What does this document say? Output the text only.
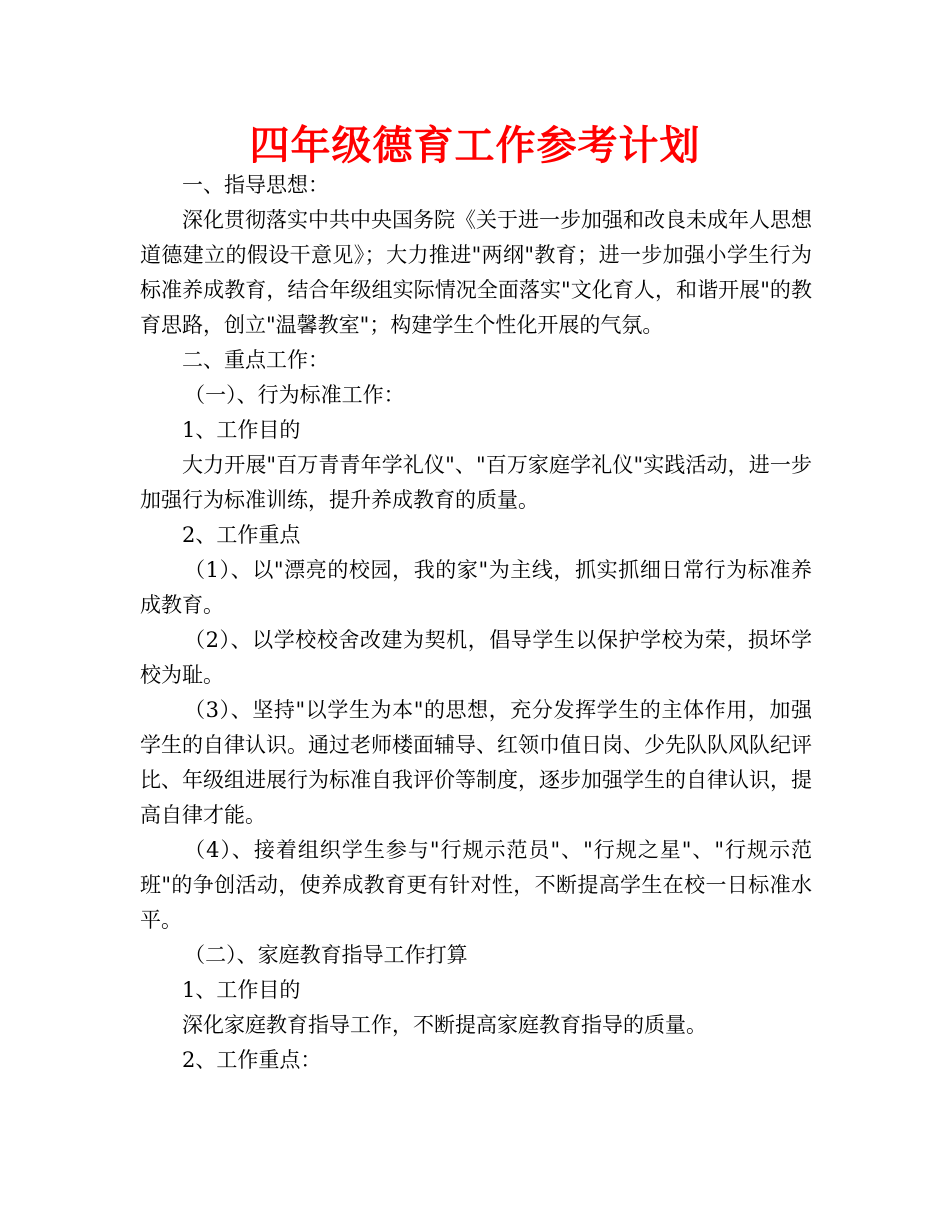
四年级德育工作参考计划

一、指导思想：

深化贯彻落实中共中央国务院《关于进一步加强和改良未成年人思想道德建立的假设干意见》；大力推进"两纲"教育；进一步加强小学生行为标准养成教育，结合年级组实际情况全面落实"文化育人，和谐开展"的教育思路，创立"温馨教室"；构建学生个性化开展的气氛。

二、重点工作：

（一）、行为标准工作：

1、工作目的

大力开展"百万青青年学礼仪"、"百万家庭学礼仪"实践活动，进一步加强行为标准训练，提升养成教育的质量。

2、工作重点

（1）、以"漂亮的校园，我的家"为主线，抓实抓细日常行为标准养成教育。

（2）、以学校校舍改建为契机，倡导学生以保护学校为荣，损坏学校为耻。

（3）、坚持"以学生为本"的思想，充分发挥学生的主体作用，加强学生的自律认识。通过老师楼面辅导、红领巾值日岗、少先队队风队纪评比、年级组进展行为标准自我评价等制度，逐步加强学生的自律认识，提高自律才能。

（4）、接着组织学生参与"行规示范员"、"行规之星"、"行规示范班"的争创活动，使养成教育更有针对性，不断提高学生在校一日标准水平。

（二）、家庭教育指导工作打算

1、工作目的

深化家庭教育指导工作，不断提高家庭教育指导的质量。

2、工作重点：
